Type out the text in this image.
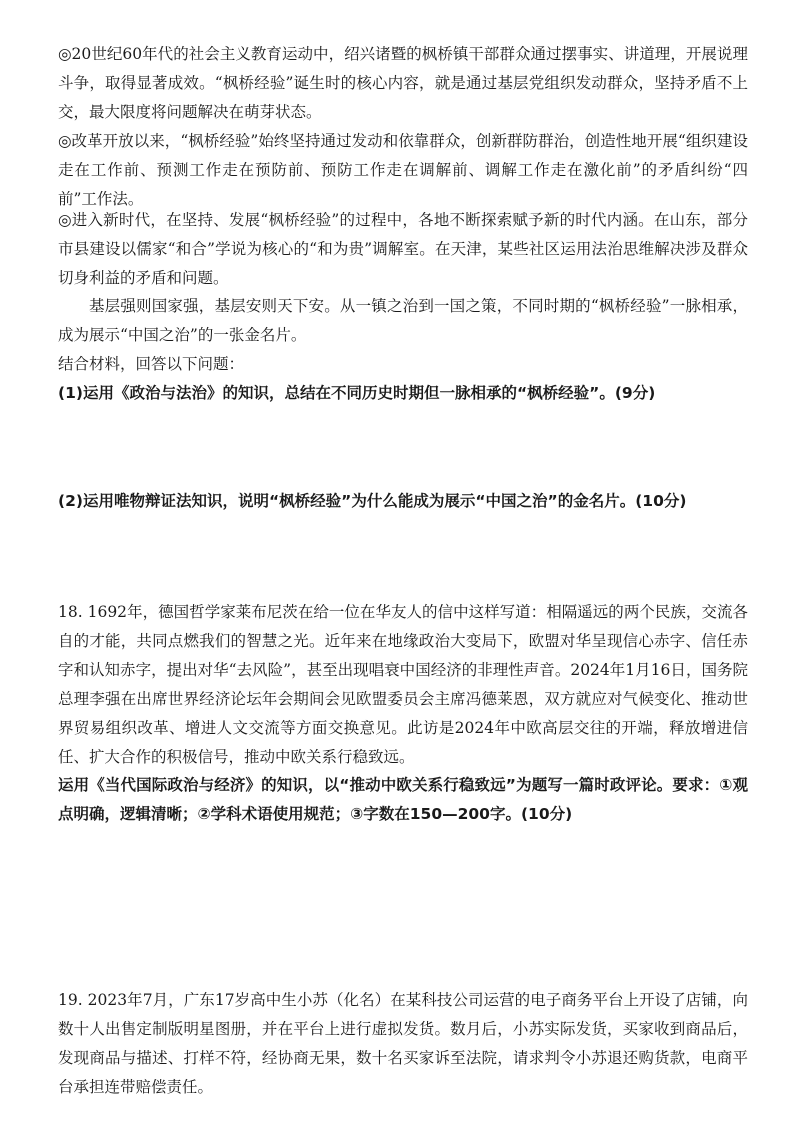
◎20世纪60年代的社会主义教育运动中，绍兴诸暨的枫桥镇干部群众通过摆事实、讲道理，开展说理斗争，取得显著成效。“枫桥经验”诞生时的核心内容，就是通过基层党组织发动群众，坚持矛盾不上交，最大限度将问题解决在萌芽状态。

◎改革开放以来，“枫桥经验”始终坚持通过发动和依靠群众，创新群防群治，创造性地开展“组织建设走在工作前、预测工作走在预防前、预防工作走在调解前、调解工作走在激化前”的矛盾纠纷“四前”工作法。

◎进入新时代，在坚持、发展“枫桥经验”的过程中，各地不断探索赋予新的时代内涵。在山东，部分市县建设以儒家“和合”学说为核心的“和为贵”调解室。在天津，某些社区运用法治思维解决涉及群众切身利益的矛盾和问题。

基层强则国家强，基层安则天下安。从一镇之治到一国之策，不同时期的“枫桥经验”一脉相承，成为展示“中国之治”的一张金名片。

结合材料，回答以下问题：

(1)运用《政治与法治》的知识，总结在不同历史时期但一脉相承的“枫桥经验”。(9分)

(2)运用唯物辩证法知识，说明“枫桥经验”为什么能成为展示“中国之治”的金名片。(10分)

18. 1692年，德国哲学家莱布尼茨在给一位在华友人的信中这样写道：相隔遥远的两个民族，交流各自的才能，共同点燃我们的智慧之光。近年来在地缘政治大变局下，欧盟对华呈现信心赤字、信任赤字和认知赤字，提出对华“去风险”，甚至出现唱衰中国经济的非理性声音。2024年1月16日，国务院总理李强在出席世界经济论坛年会期间会见欧盟委员会主席冯德莱恩，双方就应对气候变化、推动世界贸易组织改革、增进人文交流等方面交换意见。此访是2024年中欧高层交往的开端，释放增进信任、扩大合作的积极信号，推动中欧关系行稳致远。

运用《当代国际政治与经济》的知识，以“推动中欧关系行稳致远”为题写一篇时政评论。要求：①观点明确，逻辑清晰；②学科术语使用规范；③字数在150—200字。(10分)

19. 2023年7月，广东17岁高中生小苏（化名）在某科技公司运营的电子商务平台上开设了店铺，向数十人出售定制版明星图册，并在平台上进行虚拟发货。数月后，小苏实际发货，买家收到商品后，发现商品与描述、打样不符，经协商无果，数十名买家诉至法院，请求判令小苏退还购货款，电商平台承担连带赔偿责任。
